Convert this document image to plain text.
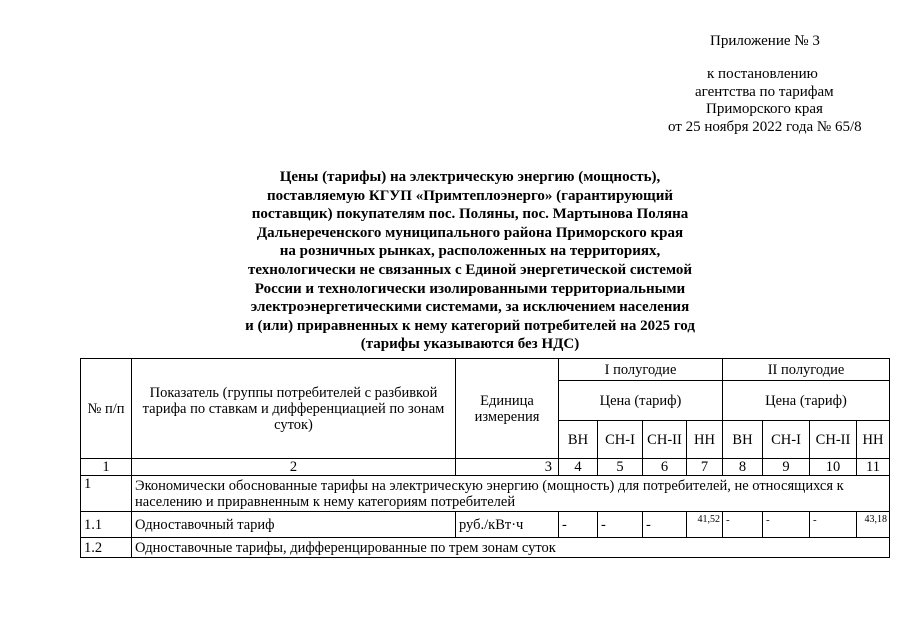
Приложение № 3
к постановлению
агентства по тарифам
Приморского края
от 25 ноября 2022 года № 65/8
Цены (тарифы) на электрическую энергию (мощность),
поставляемую КГУП «Примтеплоэнерго» (гарантирующий
поставщик) покупателям пос. Поляны, пос. Мартынова Поляна
Дальнереченского муниципального района Приморского края
на розничных рынках, расположенных на территориях,
технологически не связанных с Единой энергетической системой
России и технологически изолированными территориальными
электроэнергетическими системами, за исключением населения
и (или) приравненных к нему категорий потребителей на 2025 год
(тарифы указываются без НДС)
№ п/п	Показатель (группы потребителей с разбивкой тарифа по ставкам и дифференциацией по зонам суток)	Единица измерения	I полугодие				II полугодие			
			Цена (тариф)				Цена (тариф)			
			ВН	СН-I	СН-II	НН	ВН	СН-I	СН-II	НН
1	2	3	4	5	6	7	8	9	10	11
1	Экономически обоснованные тарифы на электрическую энергию (мощность) для потребителей, не относящихся к населению и приравненным к нему категориям потребителей									
1.1	Одноставочный тариф	руб./кВт·ч	-	-	-	41,52	-	-	-	43,18
1.2	Одноставочные тарифы, дифференцированные по трем зонам суток									
